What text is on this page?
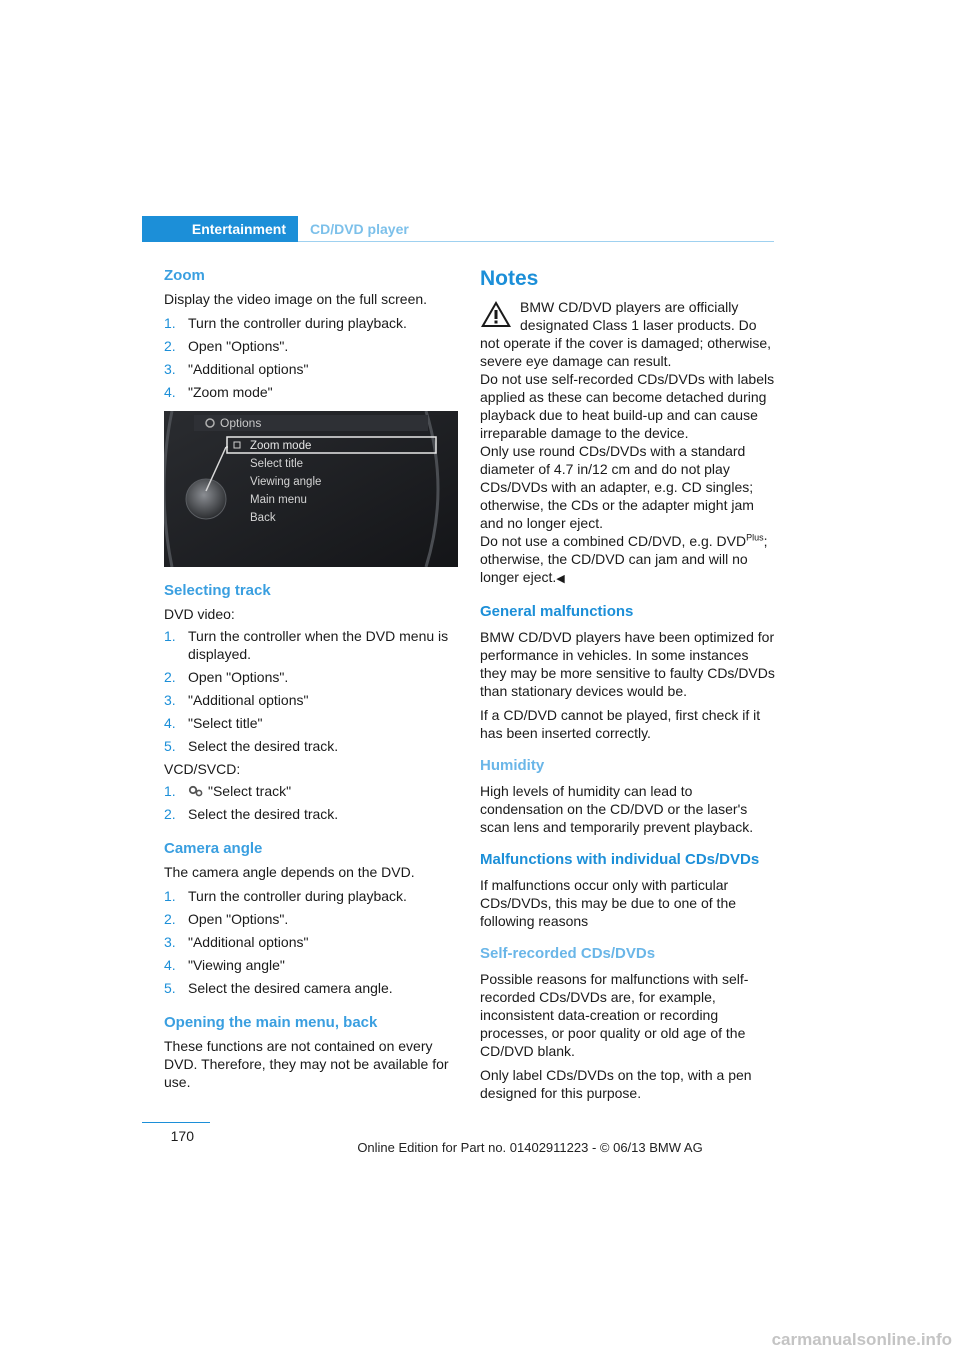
Entertainment	CD/DVD player
Zoom

Display the video image on the full screen.

1. Turn the controller during playback.
2. Open "Options".
3. "Additional options"
4. "Zoom mode"
Options
Zoom mode
Select title
Viewing angle
Main menu
Back
Selecting track

DVD video:

1. Turn the controller when the DVD menu is displayed.
2. Open "Options".
3. "Additional options"
4. "Select title"
5. Select the desired track.

VCD/SVCD:

1. "Select track"
2. Select the desired track.
Camera angle

The camera angle depends on the DVD.

1. Turn the controller during playback.
2. Open "Options".
3. "Additional options"
4. "Viewing angle"
5. Select the desired camera angle.
Opening the main menu, back

These functions are not contained on every DVD. Therefore, they may not be available for use.

Notes
BMW CD/DVD players are officially designated Class 1 laser products. Do not operate if the cover is damaged; otherwise, severe eye damage can result.
Do not use self-recorded CDs/DVDs with labels applied as these can become detached during playback due to heat build-up and can cause irreparable damage to the device.
Only use round CDs/DVDs with a standard diameter of 4.7 in/12 cm and do not play CDs/DVDs with an adapter, e.g. CD singles; otherwise, the CDs or the adapter might jam and no longer eject.
Do not use a combined CD/DVD, e.g. $DVD^{Plus}$; otherwise, the CD/DVD can jam and will no longer eject.◀
General malfunctions

BMW CD/DVD players have been optimized for performance in vehicles. In some instances they may be more sensitive to faulty CDs/DVDs than stationary devices would be.

If a CD/DVD cannot be played, first check if it has been inserted correctly.

Humidity

High levels of humidity can lead to condensation on the CD/DVD or the laser's scan lens and temporarily prevent playback.

Malfunctions with individual CDs/DVDs

If malfunctions occur only with particular CDs/DVDs, this may be due to one of the following reasons

Self-recorded CDs/DVDs

Possible reasons for malfunctions with self-recorded CDs/DVDs are, for example, inconsistent data-creation or recording processes, or poor quality or old age of the CD/DVD blank.

Only label CDs/DVDs on the top, with a pen designed for this purpose.

170
Online Edition for Part no. 01402911223 - © 06/13 BMW AG
carmanualsonline.info
